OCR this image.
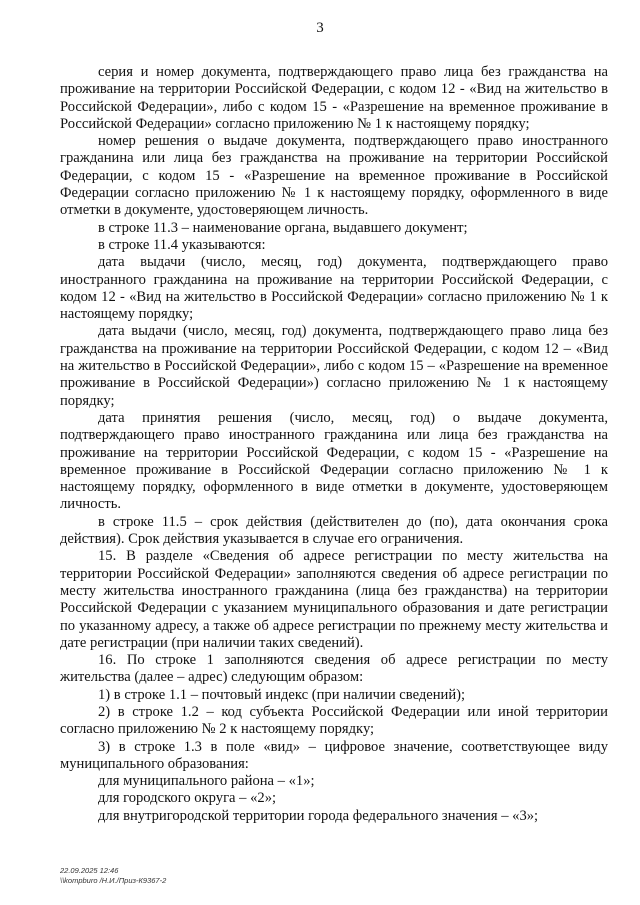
3

серия и номер документа, подтверждающего право лица без гражданства на проживание на территории Российской Федерации, с кодом 12 - «Вид на жительство в Российской Федерации», либо с кодом 15 - «Разрешение на временное проживание в Российской Федерации» согласно приложению № 1 к настоящему порядку;

номер решения о выдаче документа, подтверждающего право иностранного гражданина или лица без гражданства на проживание на территории Российской Федерации, с кодом 15 - «Разрешение на временное проживание в Российской Федерации согласно приложению № 1 к настоящему порядку, оформленного в виде отметки в документе, удостоверяющем личность.

в строке 11.3 – наименование органа, выдавшего документ;

в строке 11.4 указываются:

дата выдачи (число, месяц, год) документа, подтверждающего право иностранного гражданина на проживание на территории Российской Федерации, с кодом 12 - «Вид на жительство в Российской Федерации» согласно приложению № 1 к настоящему порядку;

дата выдачи (число, месяц, год) документа, подтверждающего право лица без гражданства на проживание на территории Российской Федерации, с кодом 12 – «Вид на жительство в Российской Федерации», либо с кодом 15 – «Разрешение на временное проживание в Российской Федерации») согласно приложению № 1 к настоящему порядку;

дата принятия решения (число, месяц, год) о выдаче документа, подтверждающего право иностранного гражданина или лица без гражданства на проживание на территории Российской Федерации, с кодом 15 - «Разрешение на временное проживание в Российской Федерации согласно приложению № 1 к настоящему порядку, оформленного в виде отметки в документе, удостоверяющем личность.

в строке 11.5 – срок действия (действителен до (по), дата окончания срока действия). Срок действия указывается в случае его ограничения.

15. В разделе «Сведения об адресе регистрации по месту жительства на территории Российской Федерации» заполняются сведения об адресе регистрации по месту жительства иностранного гражданина (лица без гражданства) на территории Российской Федерации с указанием муниципального образования и дате регистрации по указанному адресу, а также об адресе регистрации по прежнему месту жительства и дате регистрации (при наличии таких сведений).

16. По строке 1 заполняются сведения об адресе регистрации по месту жительства (далее – адрес) следующим образом:

1) в строке 1.1 – почтовый индекс (при наличии сведений);

2) в строке 1.2 – код субъекта Российской Федерации или иной территории согласно приложению № 2 к настоящему порядку;

3) в строке 1.3 в поле «вид» – цифровое значение, соответствующее виду муниципального образования:

для муниципального района – «1»;

для городского округа – «2»;

для внутригородской территории города федерального значения – «3»;

22.09.2025 12:46
\\kompburo /Н.И./Приз-К9367-2
